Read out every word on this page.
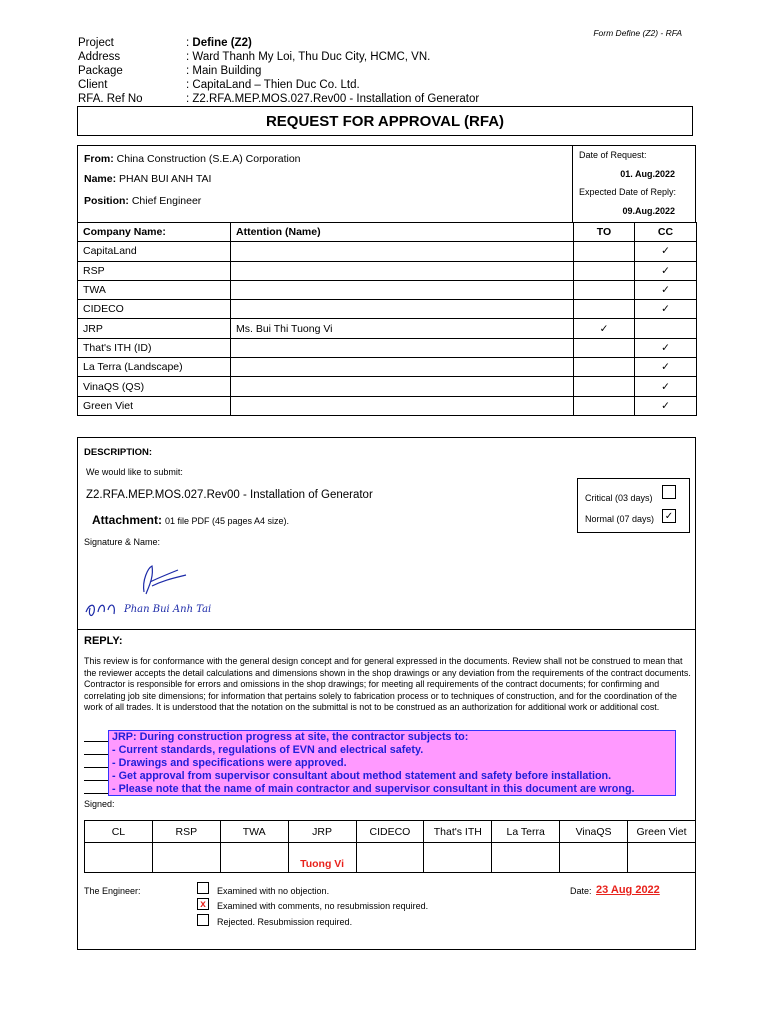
Form Define (Z2) - RFA
Project	: Define (Z2)
Address	: Ward Thanh My Loi, Thu Duc City, HCMC, VN.
Package	: Main Building
Client	: CapitaLand – Thien Duc Co. Ltd.
RFA. Ref No	: Z2.RFA.MEP.MOS.027.Rev00 - Installation of Generator
REQUEST FOR APPROVAL (RFA)
From: China Construction (S.E.A) Corporation
Name: PHAN BUI ANH TAI
Position: Chief Engineer
Date of Request:
01. Aug.2022
Expected Date of Reply:
09.Aug.2022
Company Name:	Attention (Name)	TO	CC
CapitaLand			✓
RSP			✓
TWA			✓
CIDECO			✓
JRP	Ms. Bui Thi Tuong Vi	✓	
That's ITH (ID)			✓
La Terra (Landscape)			✓
VinaQS (QS)			✓
Green Viet			✓
DESCRIPTION:
We would like to submit:
Z2.RFA.MEP.MOS.027.Rev00 - Installation of Generator
Attachment: 01 file PDF (45 pages A4 size).
Signature & Name:
Phan Bui Anh Tai
Critical (03 days)
Normal (07 days) ✓
REPLY:
This review is for conformance with the general design concept and for general expressed in the documents. Review shall not be construed to mean that the reviewer accepts the detail calculations and dimensions shown in the shop drawings or any deviation from the requirements of the contract documents. Contractor is responsible for errors and omissions in the shop drawings; for meeting all requirements of the contract documents; for confirming and correlating job site dimensions; for information that pertains solely to fabrication process or to techniques of construction, and for the coordination of the work of all trades. It is understood that the notation on the submittal is not to be construed as an authorization for additional work or additional cost.
JRP: During construction progress at site, the contractor subjects to:
- Current standards, regulations of EVN and electrical safety.
- Drawings and specifications were approved.
- Get approval from supervisor consultant about method statement and safety before installation.
- Please note that the name of main contractor and supervisor consultant in this document are wrong.
Signed:
CL	RSP	TWA	JRP	CIDECO	That's ITH	La Terra	VinaQS	Green Viet
			Tuong Vi					
The Engineer:	Examined with no objection.
x	Examined with comments, no resubmission required.
Rejected. Resubmission required.
Date: 23 Aug 2022
